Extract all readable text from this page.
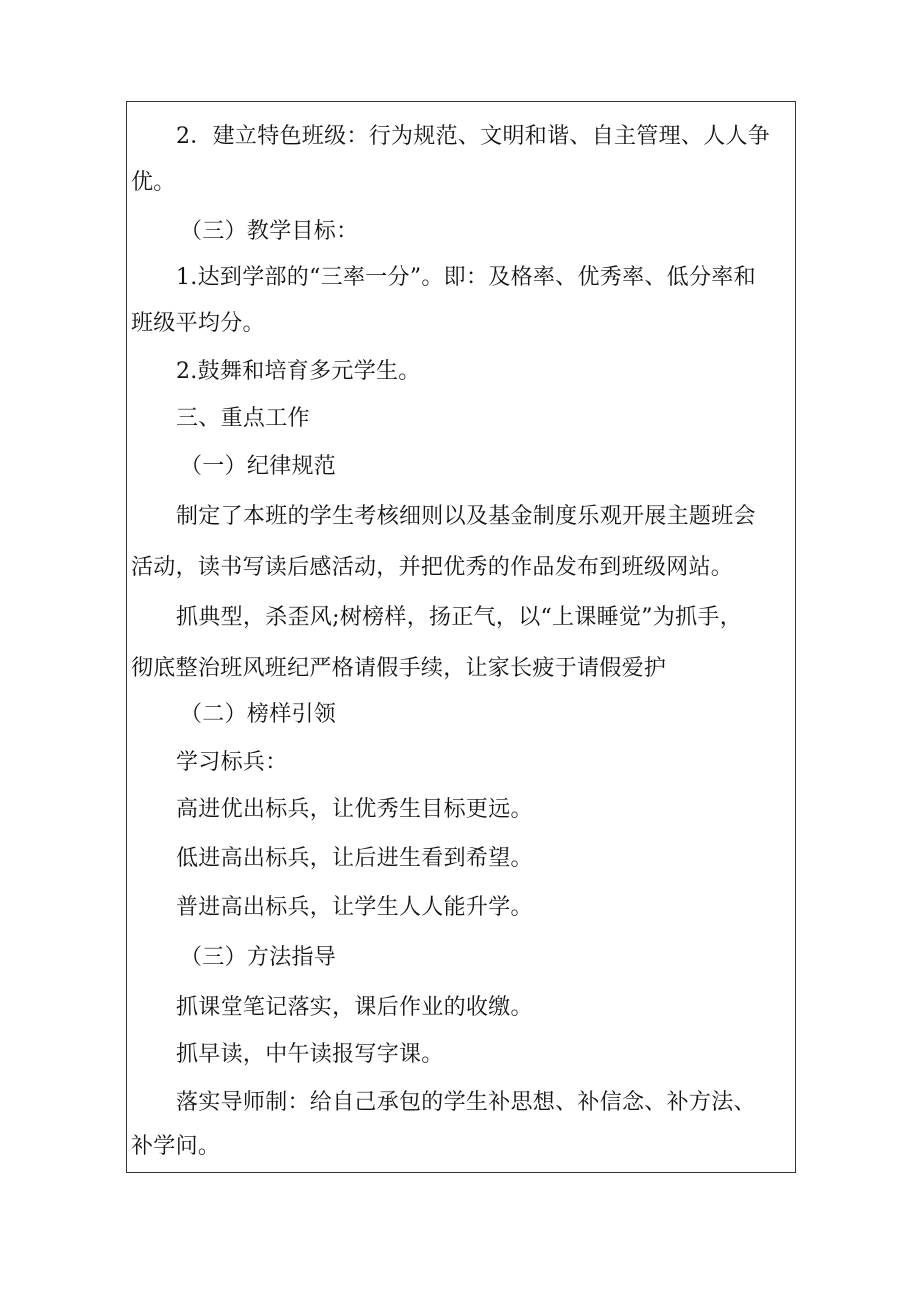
2．建立特色班级：行为规范、文明和谐、自主管理、人人争
优。
（三）教学目标：
1.达到学部的“三率一分”。即：及格率、优秀率、低分率和
班级平均分。
2.鼓舞和培育多元学生。
三、重点工作
（一）纪律规范
制定了本班的学生考核细则以及基金制度乐观开展主题班会
活动，读书写读后感活动，并把优秀的作品发布到班级网站。
抓典型，杀歪风;树榜样，扬正气，以“上课睡觉”为抓手，
彻底整治班风班纪严格请假手续，让家长疲于请假爱护
（二）榜样引领
学习标兵：
高进优出标兵，让优秀生目标更远。
低进高出标兵，让后进生看到希望。
普进高出标兵，让学生人人能升学。
（三）方法指导
抓课堂笔记落实，课后作业的收缴。
抓早读，中午读报写字课。
落实导师制：给自己承包的学生补思想、补信念、补方法、
补学问。
